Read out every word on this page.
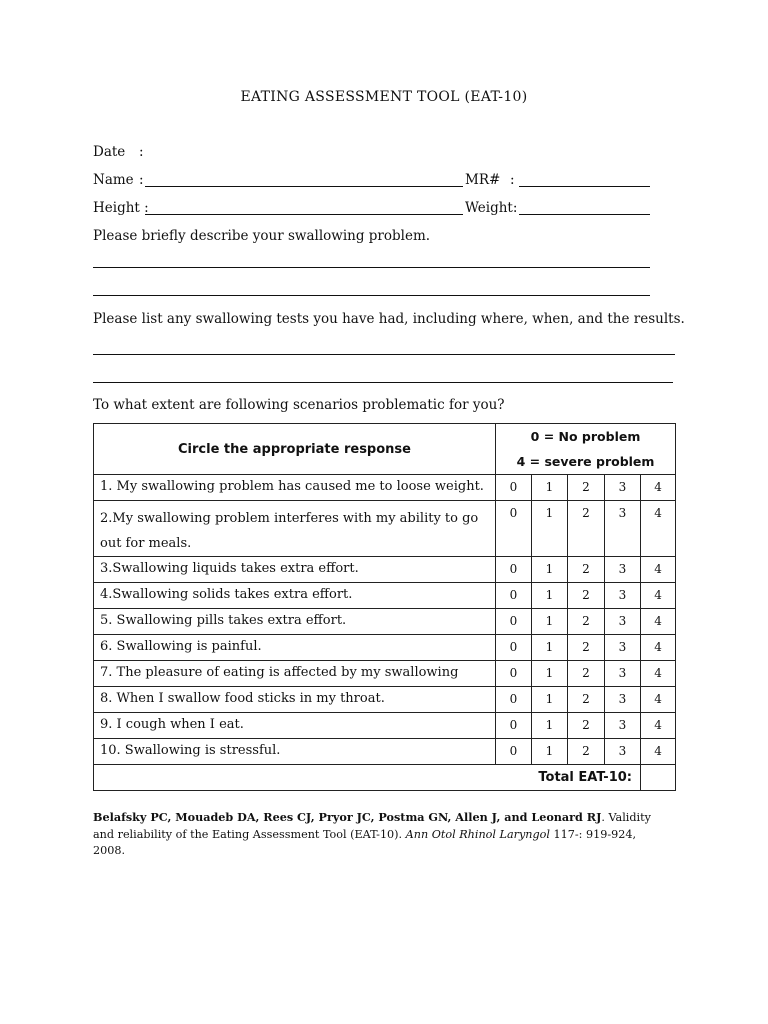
EATING ASSESSMENT TOOL (EAT-10)
Date :
Name :	MR# :
Height :	Weight:
Please briefly describe your swallowing problem.
Please list any swallowing tests you have had, including where, when, and the results.
To what extent are following scenarios problematic for you?
Circle the appropriate response	0 = No problem
4 = severe problem				

1. My swallowing problem has caused me to loose weight.	0	1	2	3	4
2.My swallowing problem interferes with my ability to go out for meals.	0	1	2	3	4
3.Swallowing liquids takes extra effort.	0	1	2	3	4
4.Swallowing solids takes extra effort.	0	1	2	3	4
5. Swallowing pills takes extra effort.	0	1	2	3	4
6. Swallowing is painful.	0	1	2	3	4
7. The pleasure of eating is affected by my swallowing	0	1	2	3	4
8. When I swallow food sticks in my throat.	0	1	2	3	4
9. I cough when I eat.	0	1	2	3	4
10. Swallowing is stressful.	0	1	2	3	4
Total EAT-10:					
Belafsky PC, Mouadeb DA, Rees CJ, Pryor JC, Postma GN, Allen J, and Leonard RJ. Validity and reliability of the Eating Assessment Tool (EAT-10). Ann Otol Rhinol Laryngol 117-: 919-924, 2008.
